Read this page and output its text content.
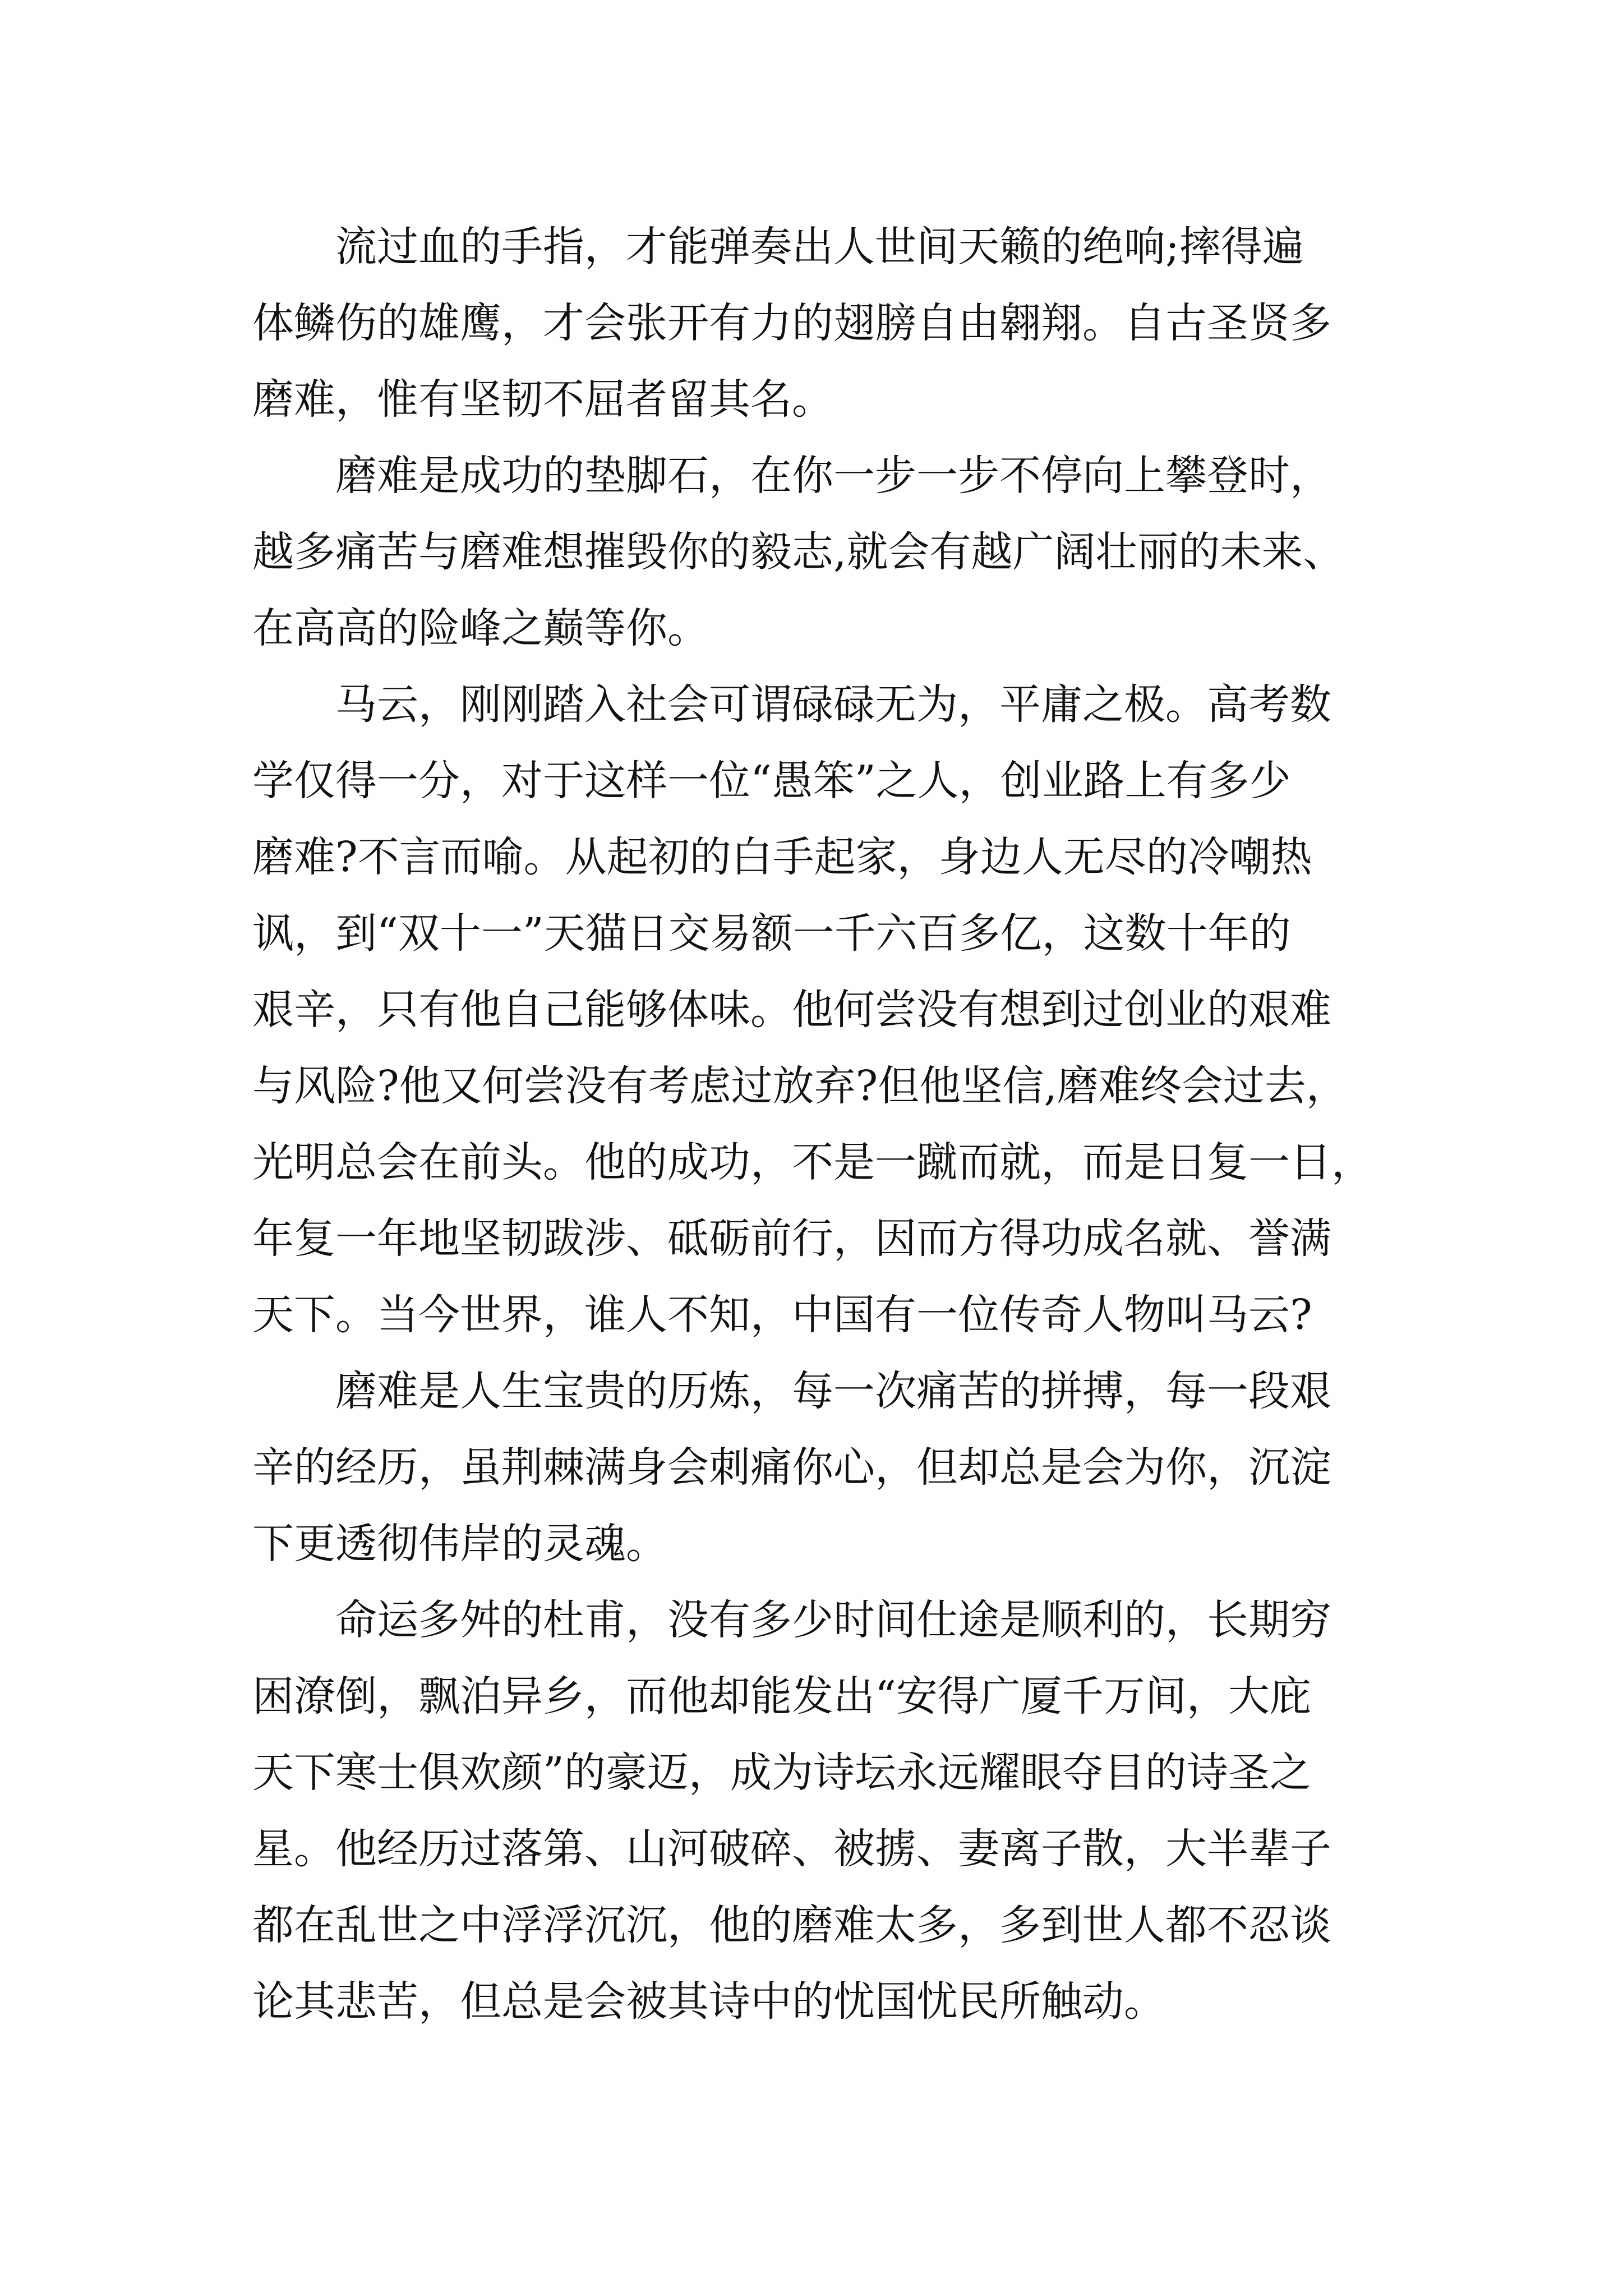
　　流过血的手指，才能弹奏出人世间天籁的绝响;摔得遍
体鳞伤的雄鹰，才会张开有力的翅膀自由翱翔。自古圣贤多
磨难，惟有坚韧不屈者留其名。

　　磨难是成功的垫脚石，在你一步一步不停向上攀登时，
越多痛苦与磨难想摧毁你的毅志,就会有越广阔壮丽的未来、
在高高的险峰之巅等你。

　　马云，刚刚踏入社会可谓碌碌无为，平庸之极。高考数
学仅得一分，对于这样一位“愚笨”之人，创业路上有多少
磨难?不言而喻。从起初的白手起家，身边人无尽的冷嘲热
讽，到“双十一”天猫日交易额一千六百多亿，这数十年的
艰辛，只有他自己能够体味。他何尝没有想到过创业的艰难
与风险?他又何尝没有考虑过放弃?但他坚信,磨难终会过去，
光明总会在前头。他的成功，不是一蹴而就，而是日复一日，
年复一年地坚韧跋涉、砥砺前行，因而方得功成名就、誉满
天下。当今世界，谁人不知，中国有一位传奇人物叫马云?

　　磨难是人生宝贵的历炼，每一次痛苦的拼搏，每一段艰
辛的经历，虽荆棘满身会刺痛你心，但却总是会为你，沉淀
下更透彻伟岸的灵魂。

　　命运多舛的杜甫，没有多少时间仕途是顺利的，长期穷
困潦倒，飘泊异乡，而他却能发出“安得广厦千万间，大庇
天下寒士俱欢颜”的豪迈，成为诗坛永远耀眼夺目的诗圣之
星。他经历过落第、山河破碎、被掳、妻离子散，大半辈子
都在乱世之中浮浮沉沉，他的磨难太多，多到世人都不忍谈
论其悲苦，但总是会被其诗中的忧国忧民所触动。
